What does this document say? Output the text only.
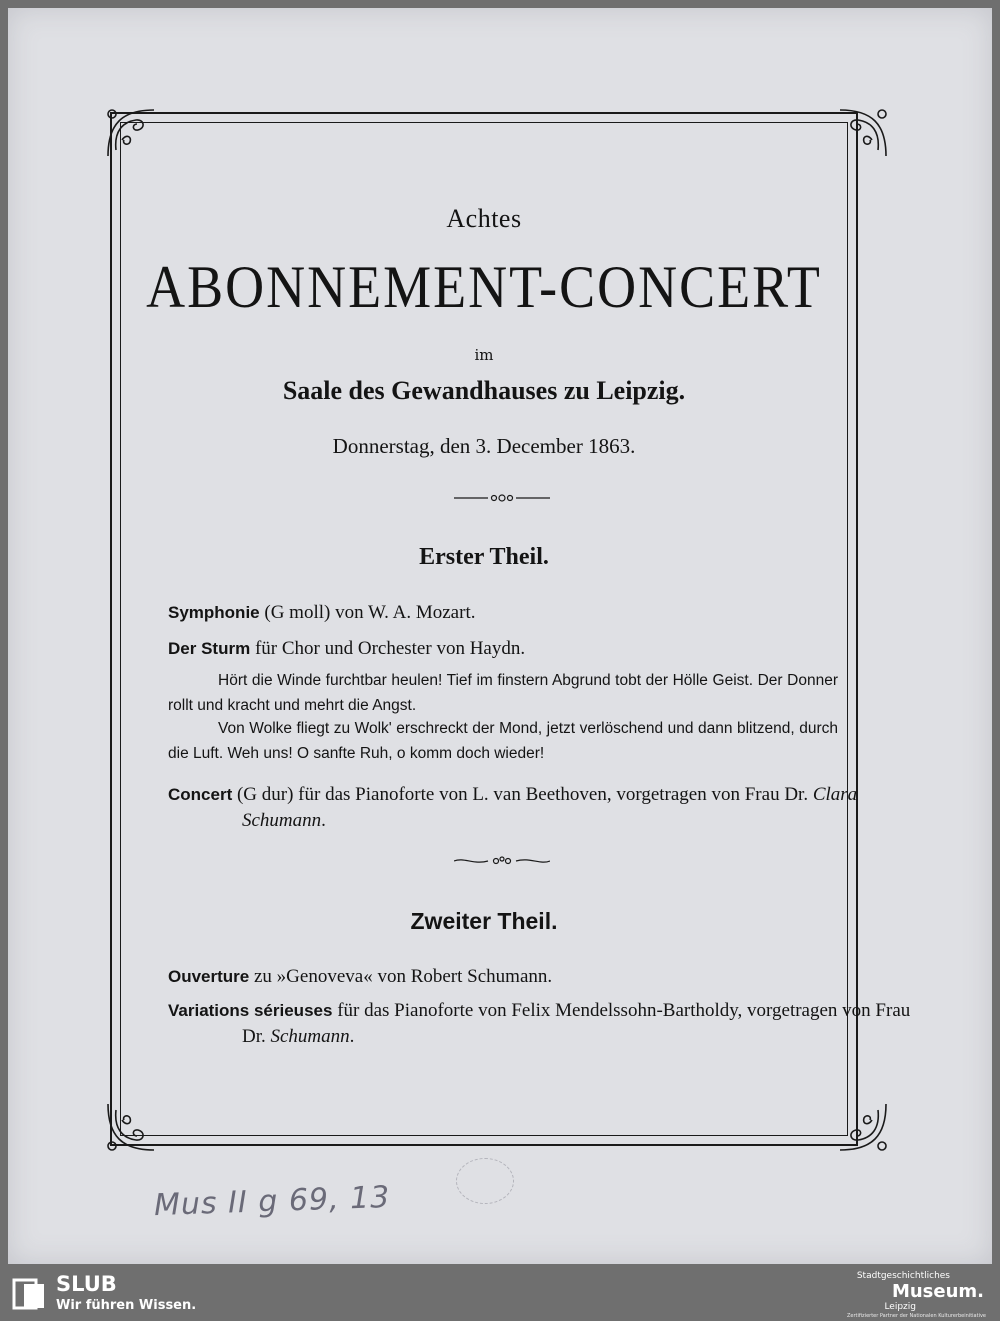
Achtes
ABONNEMENT-CONCERT
im
Saale des Gewandhauses zu Leipzig.
Donnerstag, den 3. December 1863.
Erster Theil.
Symphonie (G moll) von W. A. Mozart.
Der Sturm für Chor und Orchester von Haydn.
Hört die Winde furchtbar heulen! Tief im finstern Abgrund tobt der Hölle Geist. Der Donner rollt und kracht und mehrt die Angst.
Von Wolke fliegt zu Wolk' erschreckt der Mond, jetzt verlöschend und dann blitzend, durch die Luft. Weh uns! O sanfte Ruh, o komm doch wieder!
Concert (G dur) für das Pianoforte von L. van Beethoven, vorgetragen von Frau Dr. Clara Schumann.
Zweiter Theil.
Ouverture zu »Genoveva« von Robert Schumann.
Variations sérieuses für das Pianoforte von Felix Mendelssohn-Bartholdy, vorgetragen von Frau Dr. Schumann.
Mus II g 69, 13
SLUB
Wir führen Wissen.
Stadtgeschichtliches
Museum.
Leipzig
Zertifizierter Partner der Nationalen Kulturerbeinitiative
